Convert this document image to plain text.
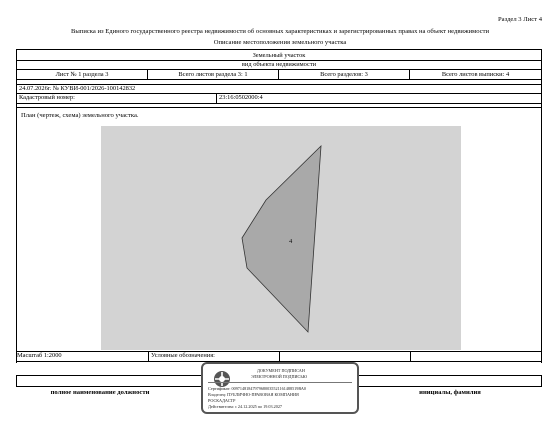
Раздел 3 Лист 4
Выписка из Единого государственного реестра недвижимости об основных характеристиках и зарегистрированных правах на объект недвижимости
Описание местоположения земельного участка
Земельный участок
вид объекта недвижимости
Лист № 1 раздела 3	Всего листов раздела 3: 1	Всего разделов: 3	Всего листов выписки: 4
24.07.2026г. № КУВИ-001/2026-100142832
Кадастровый номер:	23:16:0502000:4
План (чертеж, схема) земельного участка.
4
Масштаб 1:2000	Условные обозначения:
полное наименование должности	инициалы, фамилия
ДОКУМЕНТ ПОДПИСАН
ЭЛЕКТРОННОЙ ПОДПИСЬЮ
Сертификат: 00971481847979680035521161488519ВА0
Владелец: ПУБЛИЧНО-ПРАВОВАЯ КОМПАНИЯ
РОСКАДАСТР
Действителен: с 24.12.2025 по 19.03.2027
